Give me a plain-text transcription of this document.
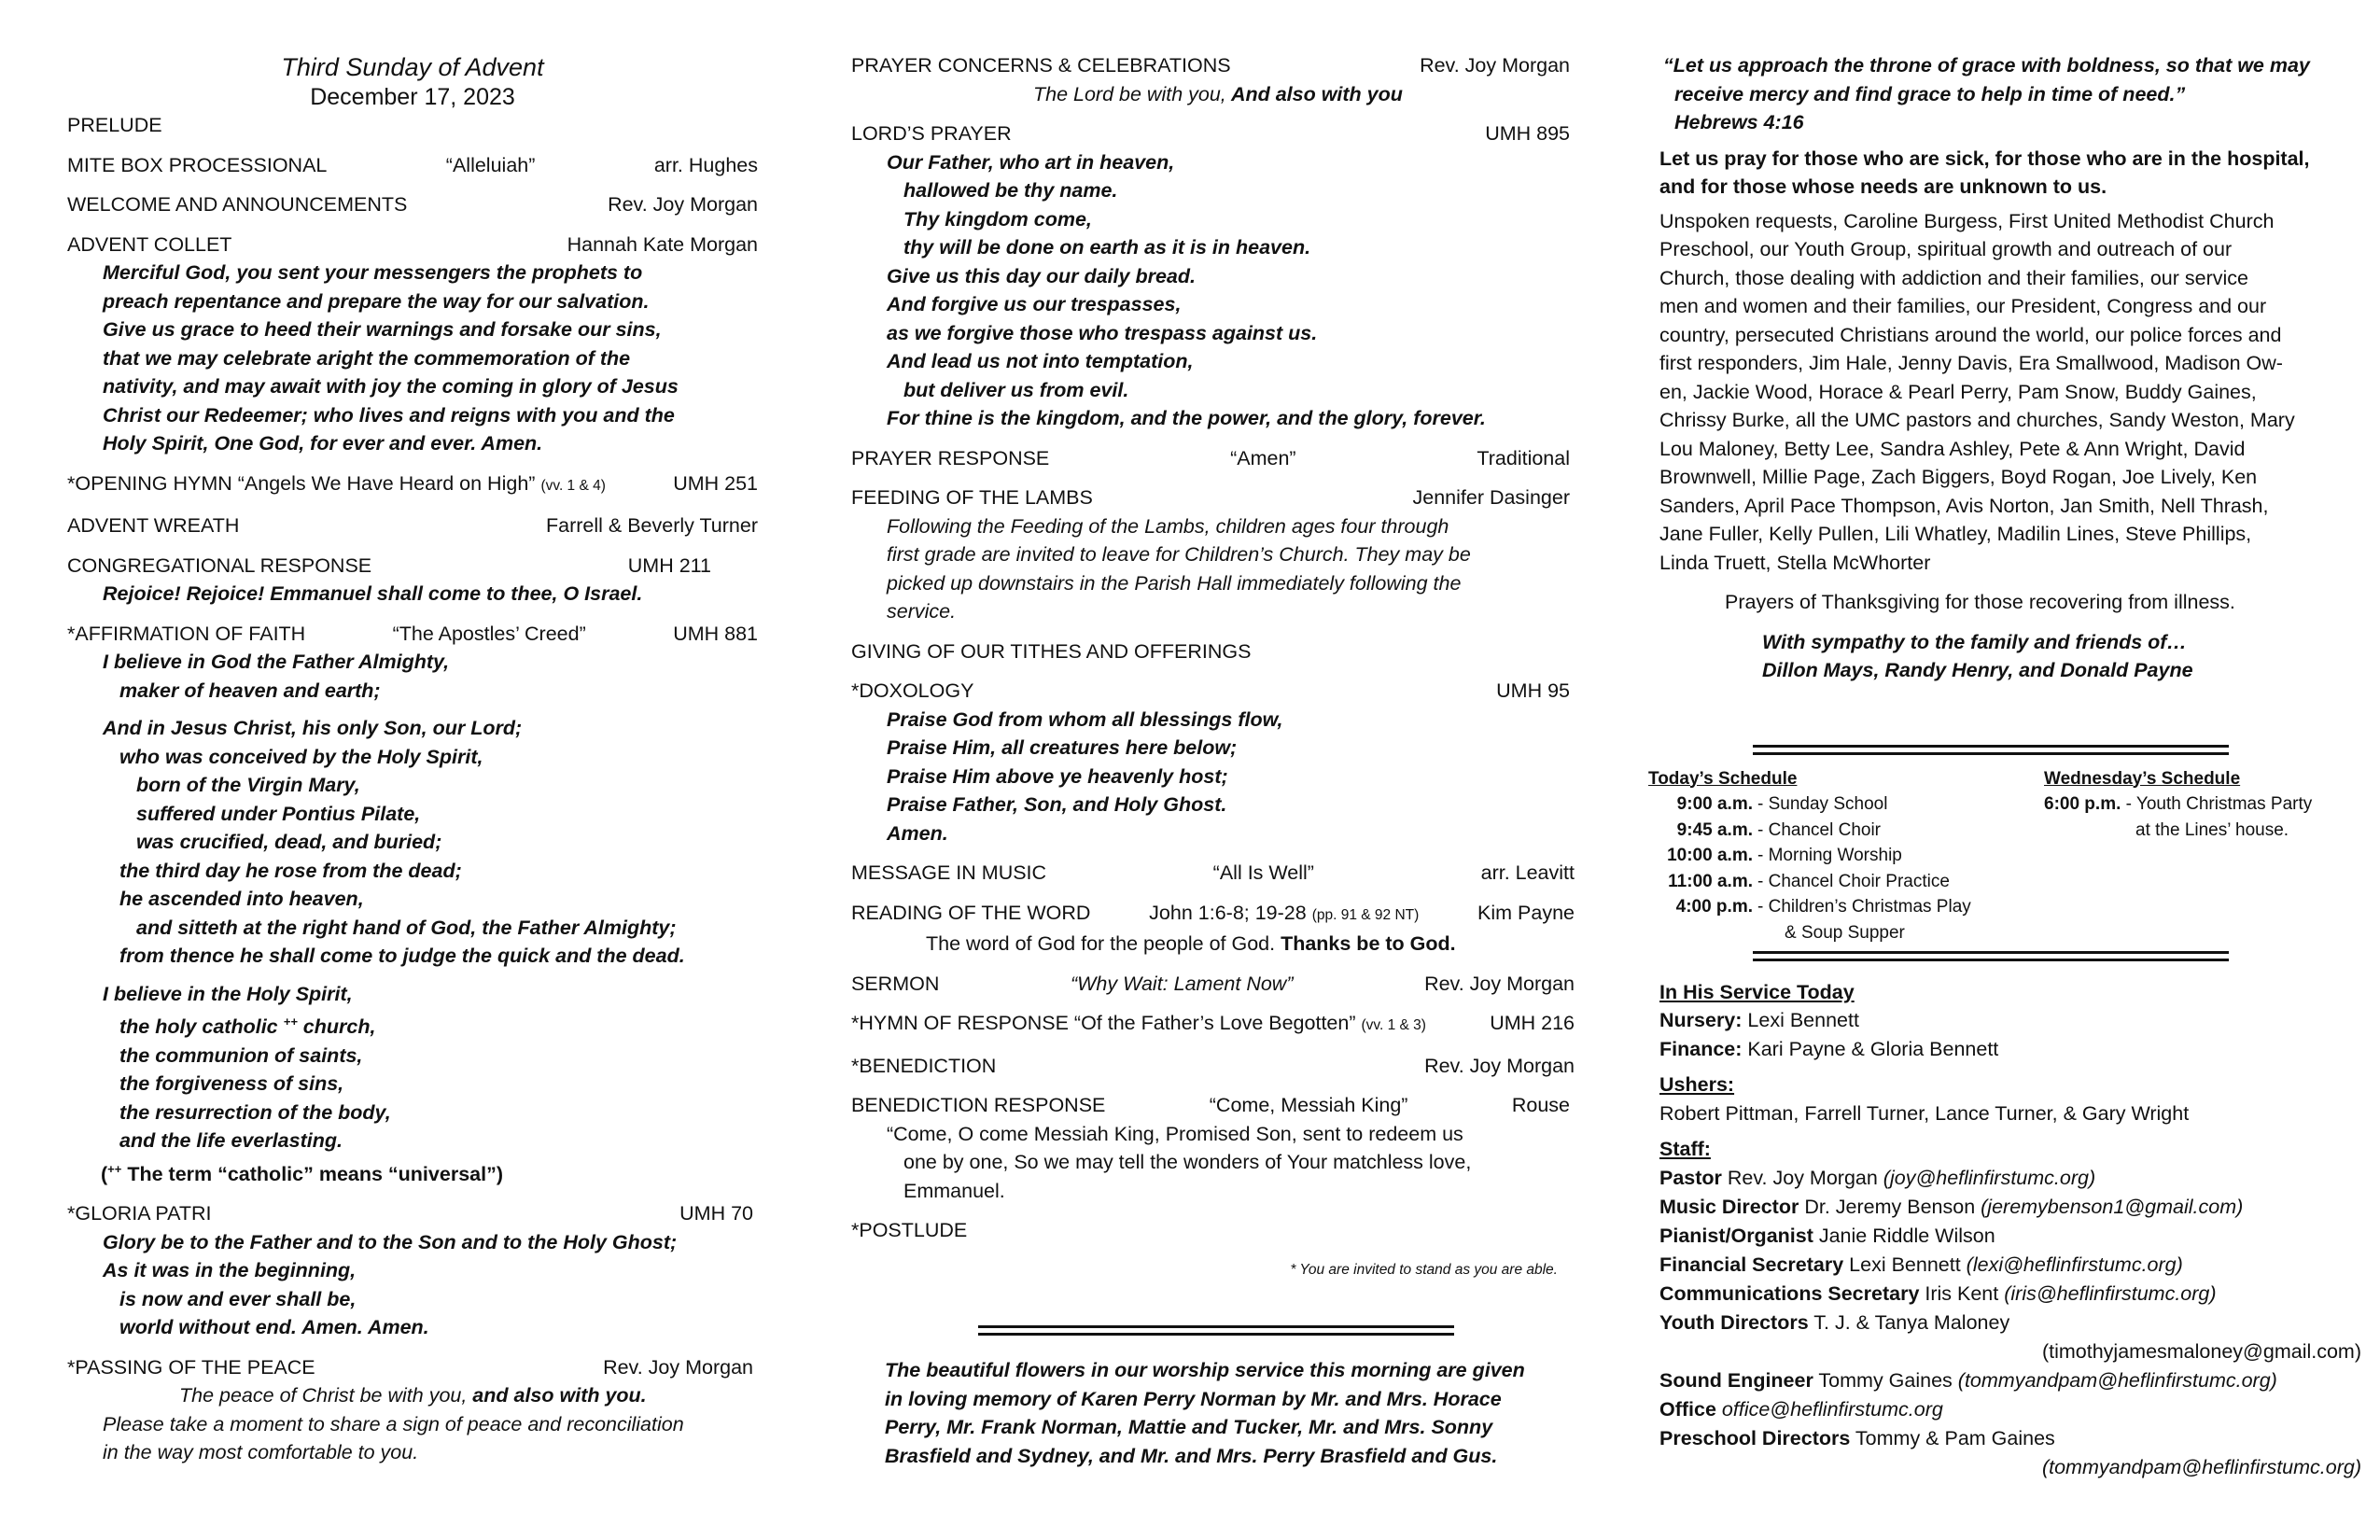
Third Sunday of Advent
December 17, 2023
PRELUDE
MITE BOX PROCESSIONAL	“Alleluiah”	arr. Hughes
WELCOME AND ANNOUNCEMENTS	Rev. Joy Morgan
ADVENT COLLET	Hannah Kate Morgan
Merciful God, you sent your messengers the prophets to
preach repentance and prepare the way for our salvation.
Give us grace to heed their warnings and forsake our sins,
that we may celebrate aright the commemoration of the
nativity, and may await with joy the coming in glory of Jesus
Christ our Redeemer; who lives and reigns with you and the
Holy Spirit, One God, for ever and ever. Amen.
*OPENING HYMN “Angels We Have Heard on High” (vv. 1 & 4)	UMH 251
ADVENT WREATH	Farrell & Beverly Turner
CONGREGATIONAL RESPONSE	UMH 211
Rejoice! Rejoice! Emmanuel shall come to thee, O Israel.
*AFFIRMATION OF FAITH	“The Apostles’ Creed”	UMH 881
I believe in God the Father Almighty,
maker of heaven and earth;
And in Jesus Christ, his only Son, our Lord;
who was conceived by the Holy Spirit,
born of the Virgin Mary,
suffered under Pontius Pilate,
was crucified, dead, and buried;
the third day he rose from the dead;
he ascended into heaven,
and sitteth at the right hand of God, the Father Almighty;
from thence he shall come to judge the quick and the dead.
I believe in the Holy Spirit,
the holy catholic ++ church,
the communion of saints,
the forgiveness of sins,
the resurrection of the body,
and the life everlasting.
(++ The term “catholic” means “universal”)
*GLORIA PATRI	UMH 70
Glory be to the Father and to the Son and to the Holy Ghost;
As it was in the beginning,
is now and ever shall be,
world without end. Amen. Amen.
*PASSING OF THE PEACE	Rev. Joy Morgan
The peace of Christ be with you, and also with you.
Please take a moment to share a sign of peace and reconciliation
in the way most comfortable to you.
PRAYER CONCERNS & CELEBRATIONS	Rev. Joy Morgan
The Lord be with you, And also with you
LORD’S PRAYER	UMH 895
Our Father, who art in heaven,
hallowed be thy name.
Thy kingdom come,
thy will be done on earth as it is in heaven.
Give us this day our daily bread.
And forgive us our trespasses,
as we forgive those who trespass against us.
And lead us not into temptation,
but deliver us from evil.
For thine is the kingdom, and the power, and the glory, forever.
PRAYER RESPONSE	“Amen”	Traditional
FEEDING OF THE LAMBS	Jennifer Dasinger
Following the Feeding of the Lambs, children ages four through
first grade are invited to leave for Children’s Church. They may be
picked up downstairs in the Parish Hall immediately following the
service.
GIVING OF OUR TITHES AND OFFERINGS
*DOXOLOGY	UMH 95
Praise God from whom all blessings flow,
Praise Him, all creatures here below;
Praise Him above ye heavenly host;
Praise Father, Son, and Holy Ghost.
Amen.
MESSAGE IN MUSIC	“All Is Well”	arr. Leavitt
READING OF THE WORD	John 1:6-8; 19-28 (pp. 91 & 92 NT)	Kim Payne
The word of God for the people of God. Thanks be to God.
SERMON	“Why Wait: Lament Now”	Rev. Joy Morgan
*HYMN OF RESPONSE “Of the Father’s Love Begotten” (vv. 1 & 3)	UMH 216
*BENEDICTION	Rev. Joy Morgan
BENEDICTION RESPONSE	“Come, Messiah King”	Rouse
“Come, O come Messiah King, Promised Son, sent to redeem us
one by one, So we may tell the wonders of Your matchless love,
Emmanuel.
*POSTLUDE
* You are invited to stand as you are able.
The beautiful flowers in our worship service this morning are given
in loving memory of Karen Perry Norman by Mr. and Mrs. Horace
Perry, Mr. Frank Norman, Mattie and Tucker, Mr. and Mrs. Sonny
Brasfield and Sydney, and Mr. and Mrs. Perry Brasfield and Gus.
“Let us approach the throne of grace with boldness, so that we may
receive mercy and find grace to help in time of need.”
Hebrews 4:16
Let us pray for those who are sick, for those who are in the hospital,
and for those whose needs are unknown to us.
Unspoken requests, Caroline Burgess, First United Methodist Church
Preschool, our Youth Group, spiritual growth and outreach of our
Church, those dealing with addiction and their families, our service
men and women and their families, our President, Congress and our
country, persecuted Christians around the world, our police forces and
first responders, Jim Hale, Jenny Davis, Era Smallwood, Madison Ow-
en, Jackie Wood, Horace & Pearl Perry, Pam Snow, Buddy Gaines,
Chrissy Burke, all the UMC pastors and churches, Sandy Weston, Mary
Lou Maloney, Betty Lee, Sandra Ashley, Pete & Ann Wright, David
Brownwell, Millie Page, Zach Biggers, Boyd Rogan, Joe Lively, Ken
Sanders, April Pace Thompson, Avis Norton, Jan Smith, Nell Thrash,
Jane Fuller, Kelly Pullen, Lili Whatley, Madilin Lines, Steve Phillips,
Linda Truett, Stella McWhorter
Prayers of Thanksgiving for those recovering from illness.
With sympathy to the family and friends of…
Dillon Mays, Randy Henry, and Donald Payne
Today’s Schedule
9:00 a.m. - Sunday School
9:45 a.m. - Chancel Choir
10:00 a.m. - Morning Worship
11:00 a.m. - Chancel Choir Practice
4:00 p.m. - Children’s Christmas Play
& Soup Supper
Wednesday’s Schedule
6:00 p.m. - Youth Christmas Party
at the Lines’ house.
In His Service Today
Nursery: Lexi Bennett
Finance: Kari Payne & Gloria Bennett
Ushers:
Robert Pittman, Farrell Turner, Lance Turner, & Gary Wright
Staff:
Pastor Rev. Joy Morgan (joy@heflinfirstumc.org)
Music Director Dr. Jeremy Benson (jeremybenson1@gmail.com)
Pianist/Organist Janie Riddle Wilson
Financial Secretary Lexi Bennett (lexi@heflinfirstumc.org)
Communications Secretary Iris Kent (iris@heflinfirstumc.org)
Youth Directors T. J. & Tanya Maloney
(timothyjamesmaloney@gmail.com)
Sound Engineer Tommy Gaines (tommyandpam@heflinfirstumc.org)
Office office@heflinfirstumc.org
Preschool Directors Tommy & Pam Gaines
(tommyandpam@heflinfirstumc.org)
